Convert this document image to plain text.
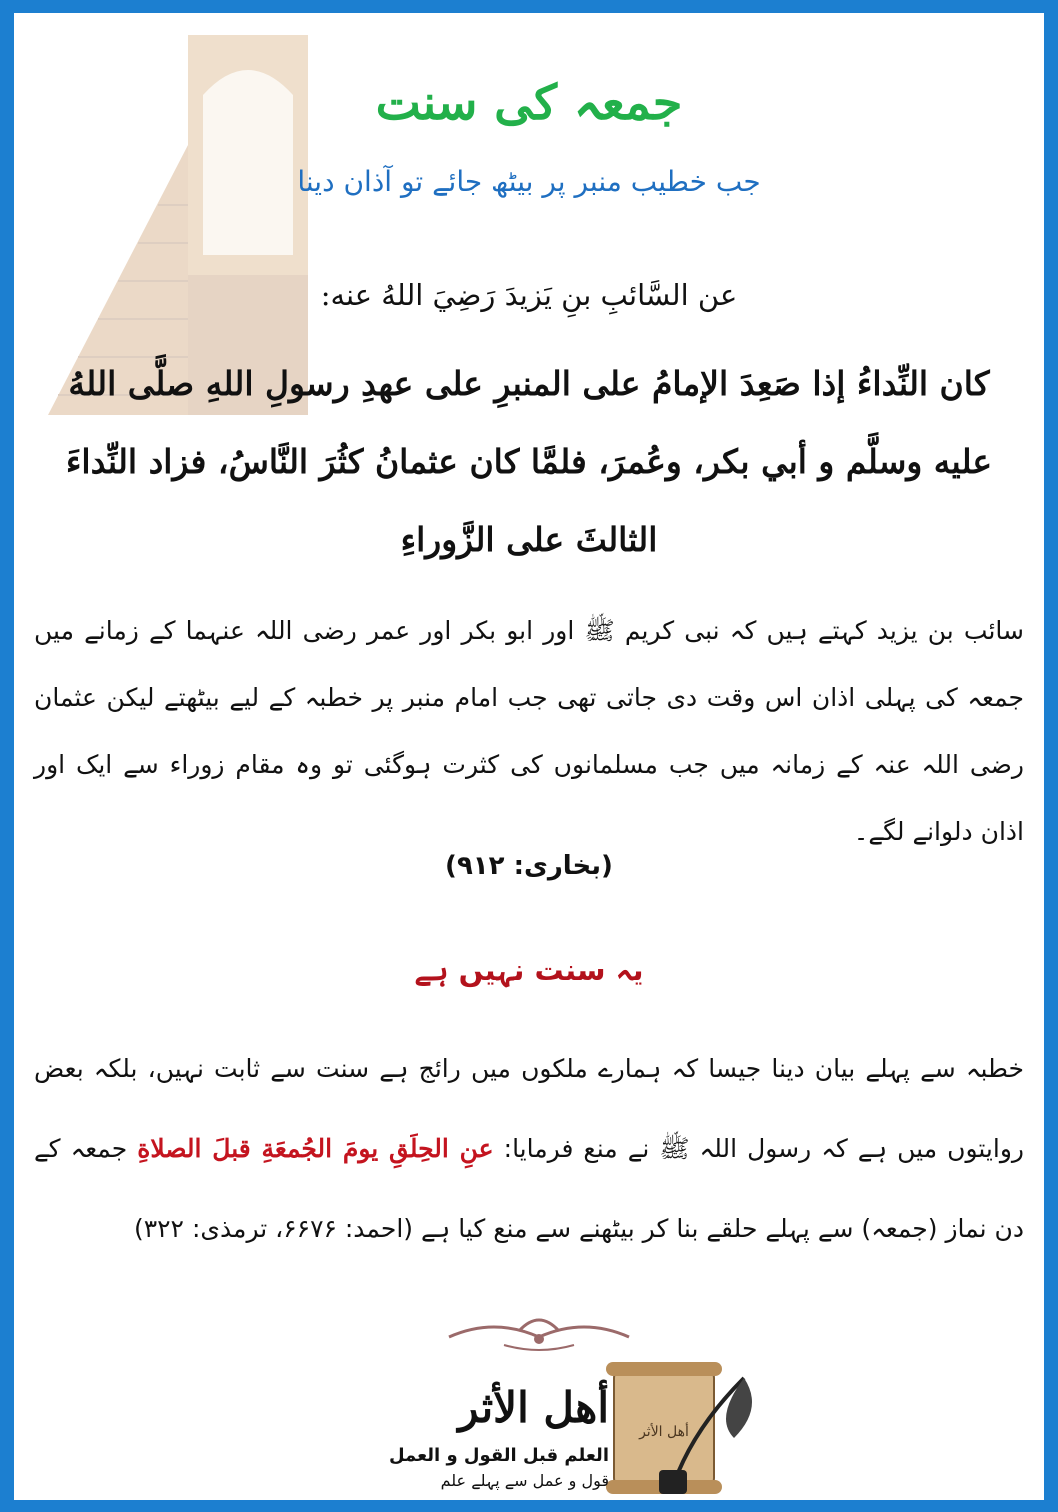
جمعہ کی سنت
جب خطیب منبر پر بیٹھ جائے تو آذان دینا
عن السَّائبِ بنِ يَزيدَ رَضِيَ اللهُ عنه:
كان النِّداءُ إذا صَعِدَ الإمامُ على المنبرِ على عهدِ رسولِ اللهِ صلَّى اللهُ عليه وسلَّم و أبي بكر، وعُمرَ، فلمَّا كان عثمانُ كثُرَ النَّاسُ، فزاد النِّداءَ الثالثَ على الزَّوراءِ
سائب بن یزید کہتے ہیں کہ نبی کریم ﷺ اور ابو بکر اور عمر رضی اللہ عنہما کے زمانے میں جمعہ کی پہلی اذان اس وقت دی جاتی تھی جب امام منبر پر خطبہ کے لیے بیٹھتے لیکن عثمان رضی اللہ عنہ کے زمانہ میں جب مسلمانوں کی کثرت ہوگئی تو وہ مقام زوراء سے ایک اور اذان دلوانے لگے۔
(بخاری: ۹۱۲)
یہ سنت نہیں ہے
خطبہ سے پہلے بیان دینا جیسا کہ ہمارے ملکوں میں رائج ہے سنت سے ثابت نہیں، بلکہ بعض روایتوں میں ہے کہ رسول اللہ ﷺ نے منع فرمایا: عنِ الحِلَقِ يومَ الجُمعَةِ قبلَ الصلاةِ جمعہ کے دن نماز (جمعہ) سے پہلے حلقے بنا کر بیٹھنے سے منع کیا ہے (احمد: ۶۶۷۶، ترمذی: ۳۲۲)
أهل الأثر
أهل الأثر
العلم قبل القول و العمل
قول و عمل سے پہلے علم
